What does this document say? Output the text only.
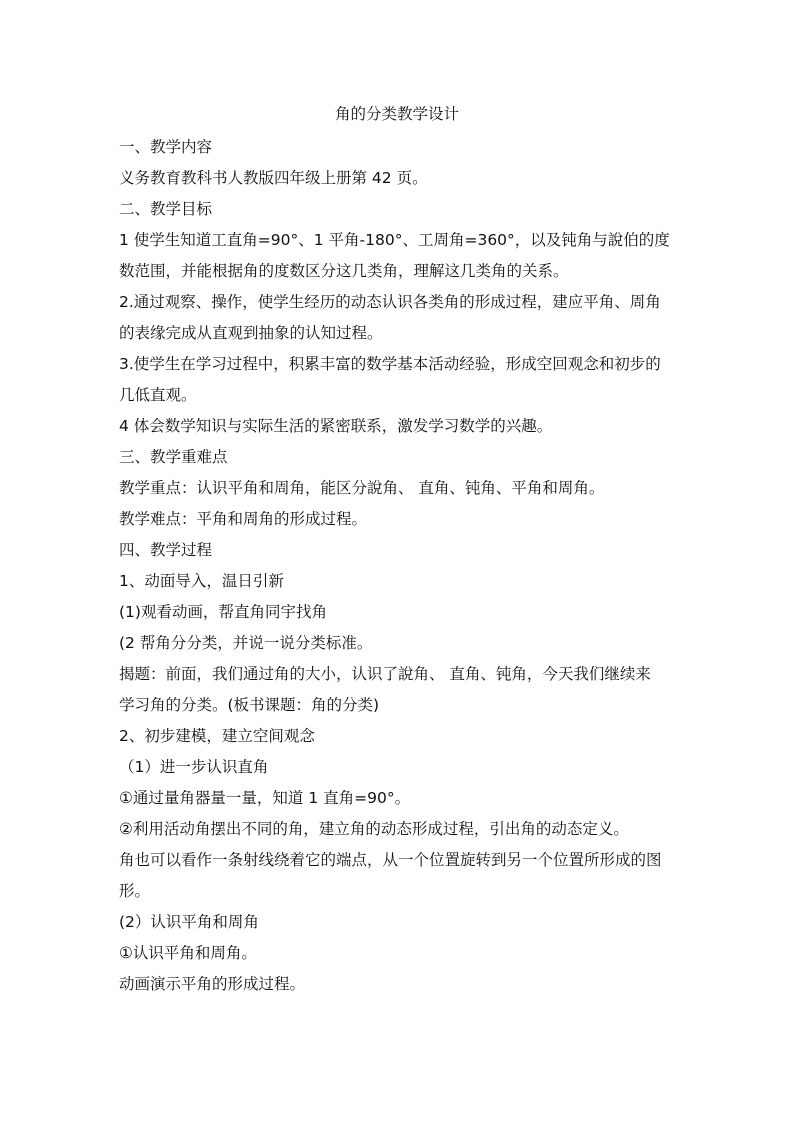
角的分类教学设计
一、教学内容
义务教育教科书人教版四年级上册第 42 页。
二、教学目标
1 使学生知道工直角=90°、1 平角-180°、工周角=360°，以及钝角与說伯的度
数范围，并能根据角的度数区分这几类角，理解这几类角的关系。
2.通过观察、操作，使学生经历的动态认识各类角的形成过程，建应平角、周角
的表缘完成从直观到抽象的认知过程。
3.使学生在学习过程中，积累丰富的数学基本活动经验，形成空回观念和初步的
几低直观。
4 体会数学知识与实际生活的紧密联系，激发学习数学的兴趣。
三、教学重难点
教学重点：认识平角和周角，能区分說角、 直角、钝角、平角和周角。
教学难点：平角和周角的形成过程。
四、教学过程
1、动面导入，温日引新
(1)观看动画，帮直角同宇找角
(2 帮角分分类，并说一说分类标准。
揭题：前面，我们通过角的大小，认识了說角、 直角、钝角，今天我们继续来
学习角的分类。(板书课题：角的分类)
2、初步建模，建立空间观念
（1）进一步认识直角
①通过量角器量一量，知道 1 直角=90°。
②利用活动角摆出不同的角，建立角的动态形成过程，引出角的动态定义。
角也可以看作一条射线绕着它的端点，从一个位置旋转到另一个位置所形成的图
形。
(2）认识平角和周角
①认识平角和周角。
动画演示平角的形成过程。
